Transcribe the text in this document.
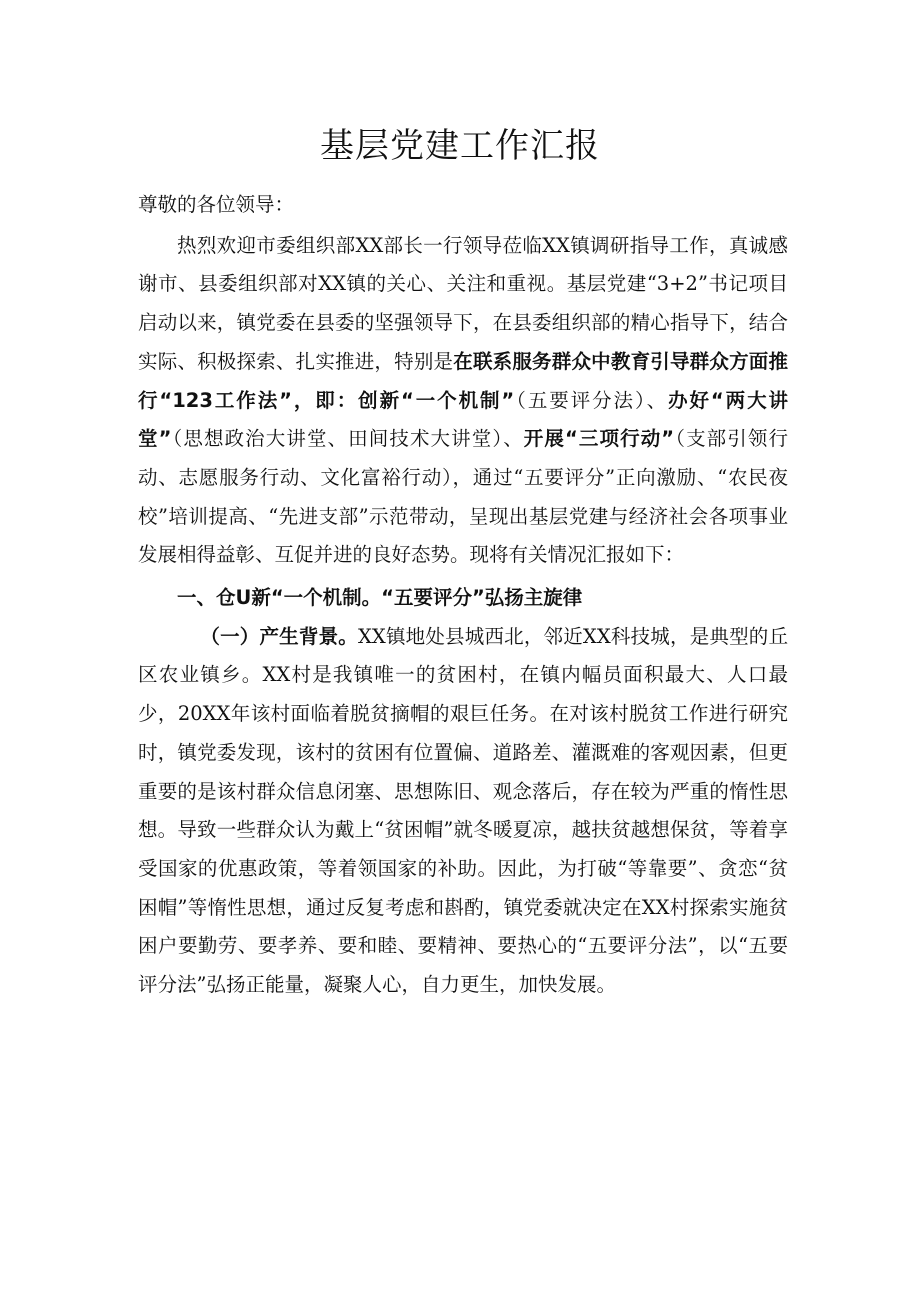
基层党建工作汇报

尊敬的各位领导：

热烈欢迎市委组织部XX部长一行领导莅临XX镇调研指导工作，真诚感谢市、县委组织部对XX镇的关心、关注和重视。基层党建“3+2”书记项目启动以来，镇党委在县委的坚强领导下，在县委组织部的精心指导下，结合实际、积极探索、扎实推进，特别是在联系服务群众中教育引导群众方面推行“123工作法”，即：创新“一个机制”（五要评分法）、办好“两大讲堂”（思想政治大讲堂、田间技术大讲堂）、开展“三项行动”（支部引领行动、志愿服务行动、文化富裕行动），通过“五要评分”正向激励、“农民夜校”培训提高、“先进支部”示范带动，呈现出基层党建与经济社会各项事业发展相得益彰、互促并进的良好态势。现将有关情况汇报如下：

一、仓U新“一个机制。“五要评分”弘扬主旋律

（一）产生背景。XX镇地处县城西北，邻近XX科技城，是典型的丘区农业镇乡。XX村是我镇唯一的贫困村，在镇内幅员面积最大、人口最少，20XX年该村面临着脱贫摘帽的艰巨任务。在对该村脱贫工作进行研究时，镇党委发现，该村的贫困有位置偏、道路差、灌溉难的客观因素，但更重要的是该村群众信息闭塞、思想陈旧、观念落后，存在较为严重的惰性思想。导致一些群众认为戴上“贫困帽”就冬暖夏凉，越扶贫越想保贫，等着享受国家的优惠政策，等着领国家的补助。因此，为打破“等靠要”、贪恋“贫困帽”等惰性思想，通过反复考虑和斟酌，镇党委就决定在XX村探索实施贫困户要勤劳、要孝养、要和睦、要精神、要热心的“五要评分法”，以“五要评分法”弘扬正能量，凝聚人心，自力更生，加快发展。
